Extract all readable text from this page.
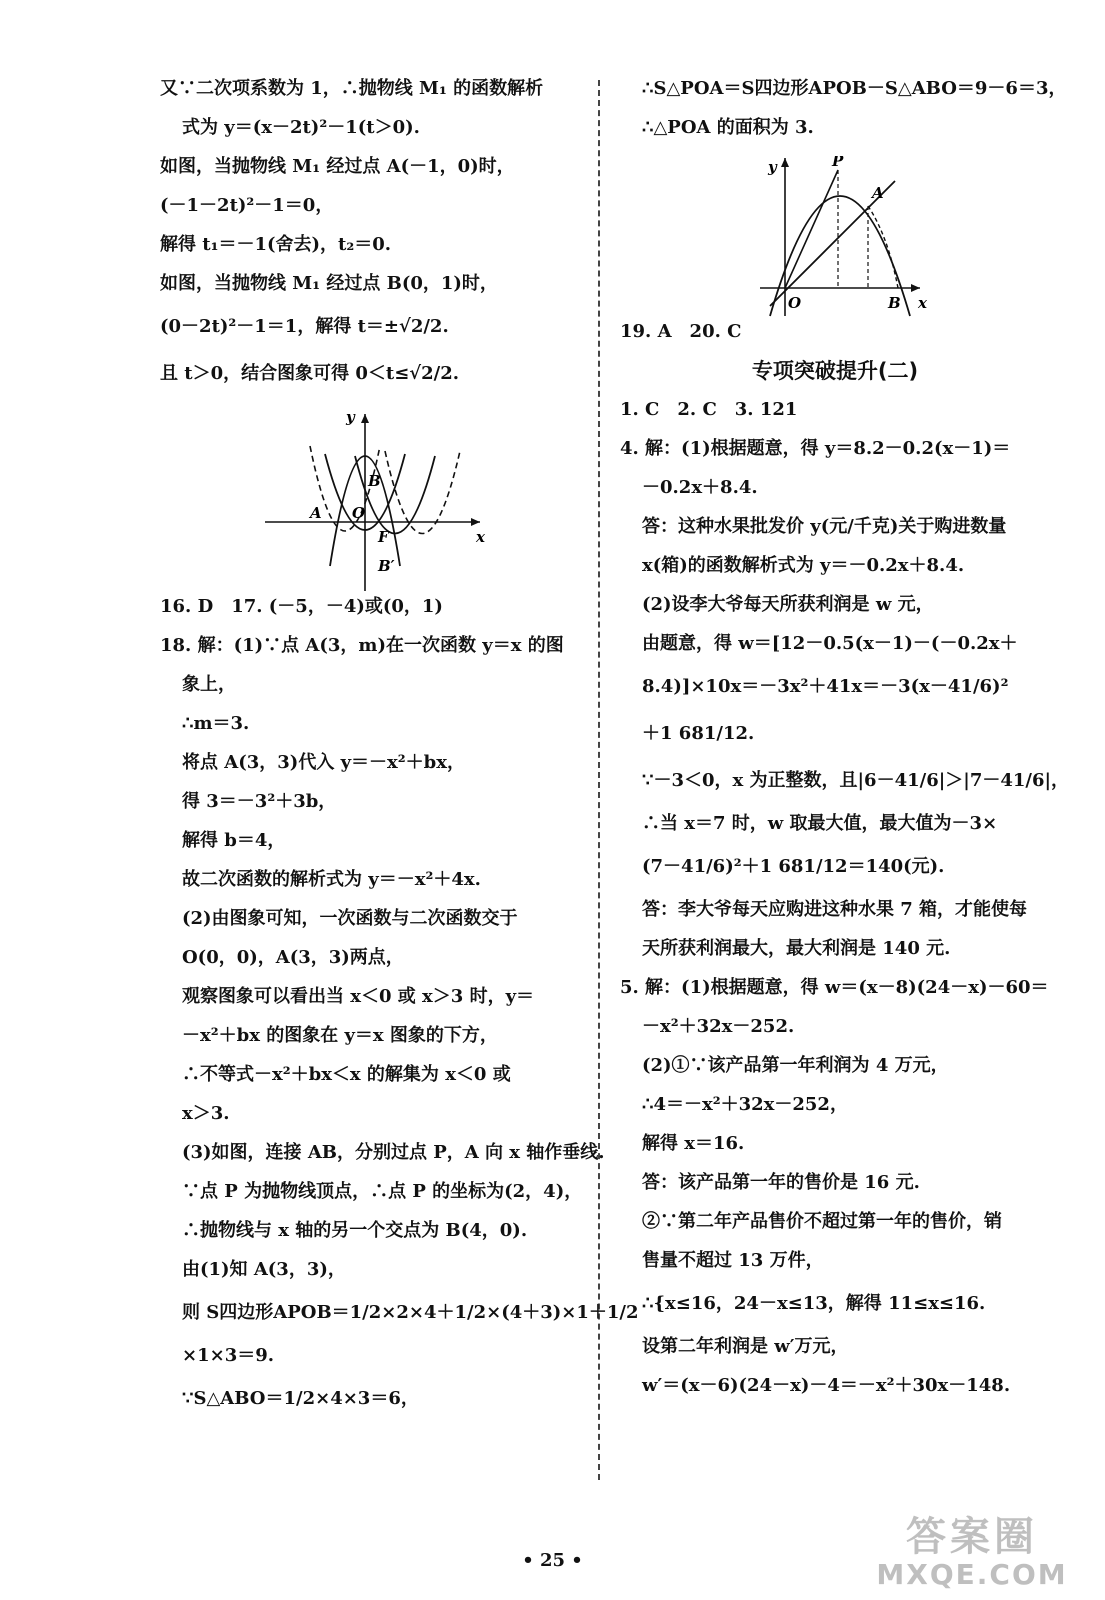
又∵二次项系数为 1，∴抛物线 M₁ 的函数解析
式为 y＝(x－2t)²－1(t＞0).
如图，当抛物线 M₁ 经过点 A(－1，0)时，
(－1－2t)²－1＝0，
解得 t₁＝－1(舍去)，t₂＝0.
如图，当抛物线 M₁ 经过点 B(0，1)时，
(0－2t)²－1＝1，解得 t＝±√2/2.
且 t＞0，结合图象可得 0＜t≤√2/2.
y
x
A
B
O
F
B′
16. D　17. (－5，－4)或(0，1)
18. 解：(1)∵点 A(3，m)在一次函数 y＝x 的图
象上，
∴m＝3.
将点 A(3，3)代入 y＝－x²＋bx，
得 3＝－3²＋3b，
解得 b＝4，
故二次函数的解析式为 y＝－x²＋4x.
(2)由图象可知，一次函数与二次函数交于
O(0，0)，A(3，3)两点，
观察图象可以看出当 x＜0 或 x＞3 时，y＝
－x²＋bx 的图象在 y＝x 图象的下方，
∴不等式－x²＋bx＜x 的解集为 x＜0 或
x＞3.
(3)如图，连接 AB，分别过点 P，A 向 x 轴作垂线.
∵点 P 为抛物线顶点，∴点 P 的坐标为(2，4)，
∴抛物线与 x 轴的另一个交点为 B(4，0).
由(1)知 A(3，3)，
则 S四边形APOB＝1/2×2×4＋1/2×(4＋3)×1＋1/2
×1×3＝9.
∵S△ABO＝1/2×4×3＝6，
∴S△POA＝S四边形APOB－S△ABO＝9－6＝3，
∴△POA 的面积为 3.
y
x
P
A
O	B
19. A　20. C
专项突破提升(二)
1. C　2. C　3. 121
4. 解：(1)根据题意，得 y＝8.2－0.2(x－1)＝
－0.2x＋8.4.
答：这种水果批发价 y(元/千克)关于购进数量
x(箱)的函数解析式为 y＝－0.2x＋8.4.
(2)设李大爷每天所获利润是 w 元，
由题意，得 w＝[12－0.5(x－1)－(－0.2x＋
8.4)]×10x＝－3x²＋41x＝－3(x－41/6)²
＋1 681/12.
∵－3＜0，x 为正整数，且|6－41/6|＞|7－41/6|，
∴当 x＝7 时，w 取最大值，最大值为－3×
(7－41/6)²＋1 681/12＝140(元).
答：李大爷每天应购进这种水果 7 箱，才能使每
天所获利润最大，最大利润是 140 元.
5. 解：(1)根据题意，得 w＝(x－8)(24－x)－60＝
－x²＋32x－252.
(2)①∵该产品第一年利润为 4 万元，
∴4＝－x²＋32x－252，
解得 x＝16.
答：该产品第一年的售价是 16 元.
②∵第二年产品售价不超过第一年的售价，销
售量不超过 13 万件，
∴{x≤16，24－x≤13，解得 11≤x≤16.
设第二年利润是 w′万元，
w′＝(x－6)(24－x)－4＝－x²＋30x－148.
• 25 •
答案圈
MXQE.COM
